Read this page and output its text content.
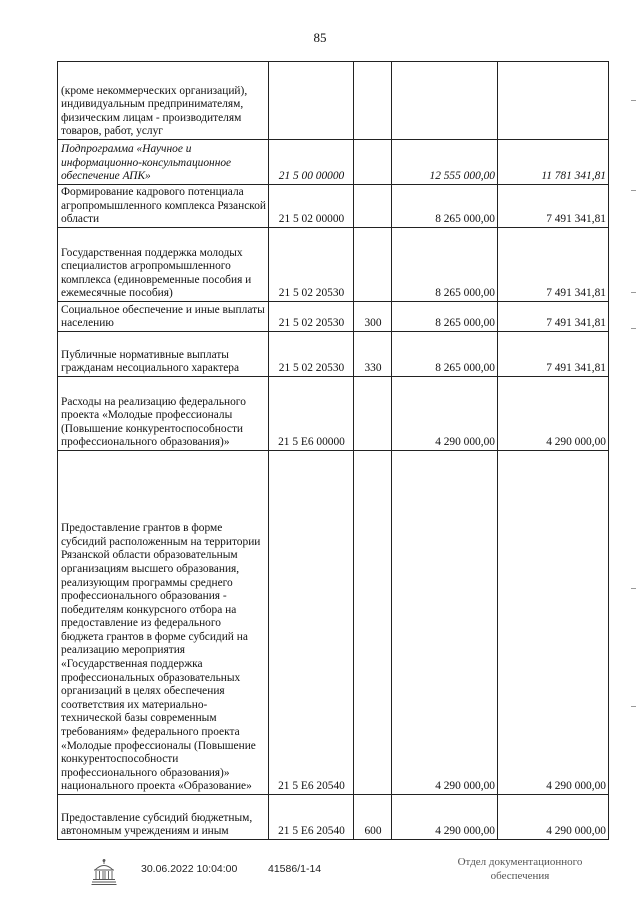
85
(кроме некоммерческих организаций), индивидуальным предпринимателям, физическим лицам - производителям товаров, работ, услуг				

Подпрограмма «Научное и информационно-консультационное обеспечение АПК»	21 5 00 00000		12 555 000,00	11 781 341,81

Формирование кадрового потенциала агропромышленного комплекса Рязанской области	21 5 02 00000		8 265 000,00	7 491 341,81

Государственная поддержка молодых специалистов агропромышленного комплекса (единовременные пособия и ежемесячные пособия)	21 5 02 20530		8 265 000,00	7 491 341,81

Социальное обеспечение и иные выплаты населению	21 5 02 20530	300	8 265 000,00	7 491 341,81

Публичные нормативные выплаты гражданам несоциального характера	21 5 02 20530	330	8 265 000,00	7 491 341,81

Расходы на реализацию федерального проекта «Молодые профессионалы (Повышение конкурентоспособности профессионального образования)»	21 5 E6 00000		4 290 000,00	4 290 000,00

Предоставление грантов в форме субсидий расположенным на территории Рязанской области образовательным организациям высшего образования, реализующим программы среднего профессионального образования - победителям конкурсного отбора на предоставление из федерального бюджета грантов в форме субсидий на реализацию мероприятия «Государственная поддержка профессиональных образовательных организаций в целях обеспечения соответствия их материально-технической базы современным требованиям» федерального проекта «Молодые профессионалы (Повышение конкурентоспособности профессионального образования)» национального проекта «Образование»	21 5 E6 20540		4 290 000,00	4 290 000,00

Предоставление субсидий бюджетным, автономным учреждениям и иным	21 5 E6 20540	600	4 290 000,00	4 290 000,00
30.06.2022 10:04:00	41586/1-14
Отдел документационного
обеспечения
